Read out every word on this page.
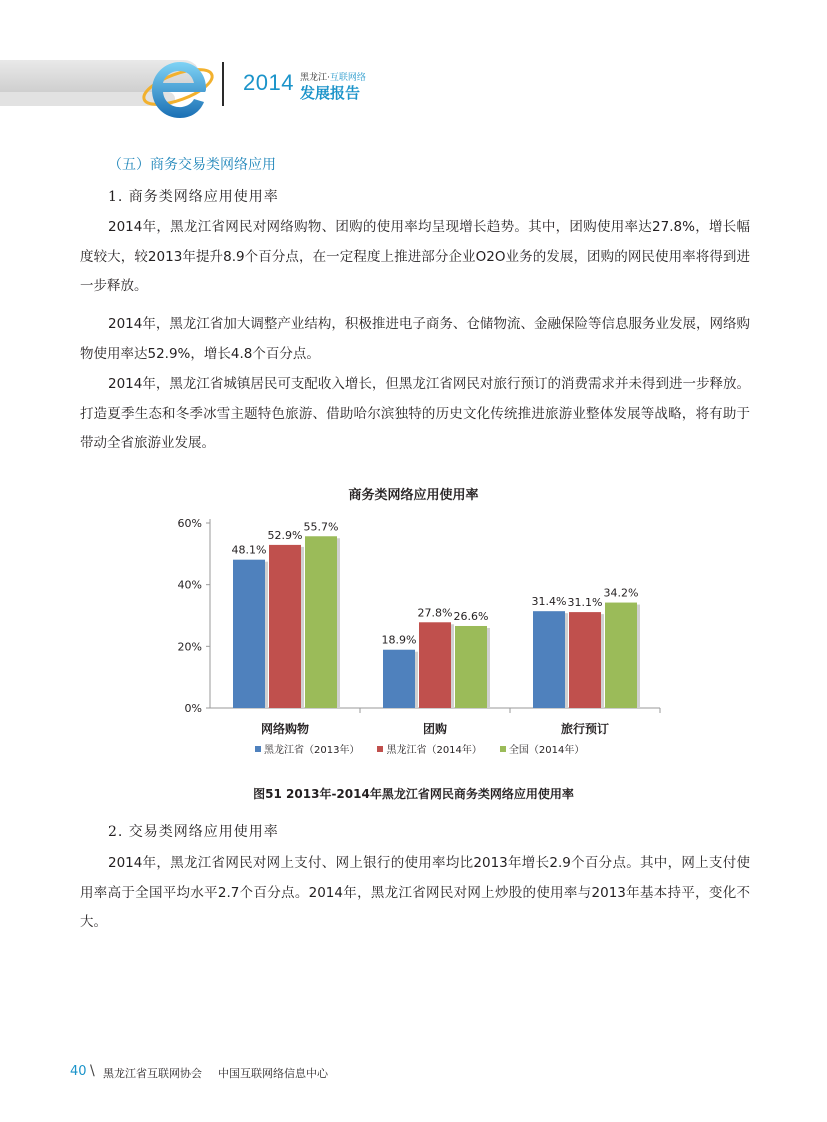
2014 黑龙江·互联网络
发展报告
（五）商务交易类网络应用
1. 商务类网络应用使用率

2014年，黑龙江省网民对网络购物、团购的使用率均呈现增长趋势。其中，团购使用率达27.8%，增长幅度较大，较2013年提升8.9个百分点，在一定程度上推进部分企业O2O业务的发展，团购的网民使用率将得到进一步释放。

2014年，黑龙江省加大调整产业结构，积极推进电子商务、仓储物流、金融保险等信息服务业发展，网络购物使用率达52.9%，增长4.8个百分点。

2014年，黑龙江省城镇居民可支配收入增长，但黑龙江省网民对旅行预订的消费需求并未得到进一步释放。打造夏季生态和冬季冰雪主题特色旅游、借助哈尔滨独特的历史文化传统推进旅游业整体发展等战略，将有助于带动全省旅游业发展。

商务类网络应用使用率
0%
20%
40%
60%
48.1%
52.9%
55.7%
网络购物
18.9%
27.8% 26.6%
团购
31.4% 31.1%
34.2%
旅行预订
黑龙江省（2013年）	黑龙江省（2014年）	全国（2014年）
图51 2013年-2014年黑龙江省网民商务类网络应用使用率
2. 交易类网络应用使用率

2014年，黑龙江省网民对网上支付、网上银行的使用率均比2013年增长2.9个百分点。其中，网上支付使用率高于全国平均水平2.7个百分点。2014年，黑龙江省网民对网上炒股的使用率与2013年基本持平，变化不大。

40 \ 黑龙江省互联网协会 中国互联网络信息中心
